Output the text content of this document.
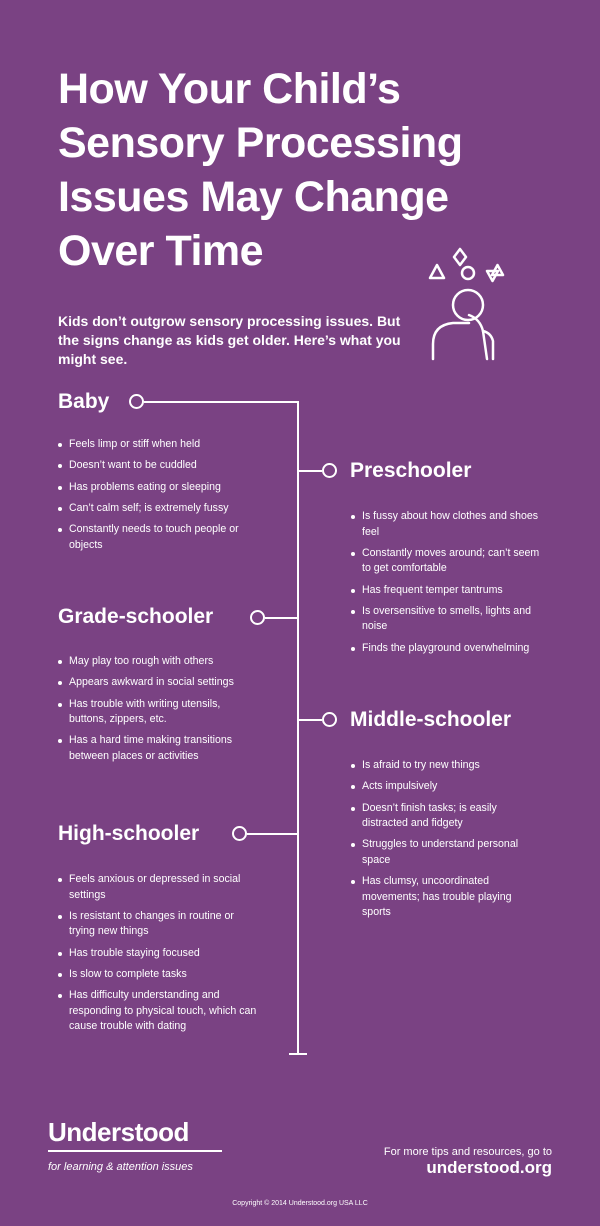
How Your Child’s
Sensory Processing
Issues May Change
Over Time

Kids don’t outgrow sensory processing issues. But the signs change as kids get older. Here’s what you might see.

Baby
Feels limp or stiff when held
Doesn’t want to be cuddled
Has problems eating or sleeping
Can’t calm self; is extremely fussy
Constantly needs to touch people or objects
Preschooler
Is fussy about how clothes and shoes feel
Constantly moves around; can’t seem to get comfortable
Has frequent temper tantrums
Is oversensitive to smells, lights and noise
Finds the playground overwhelming
Grade-schooler
May play too rough with others
Appears awkward in social settings
Has trouble with writing utensils, buttons, zippers, etc.
Has a hard time making transitions between places or activities
Middle-schooler
Is afraid to try new things
Acts impulsively
Doesn’t finish tasks; is easily distracted and fidgety
Struggles to understand personal space
Has clumsy, uncoordinated movements; has trouble playing sports
High-schooler
Feels anxious or depressed in social settings
Is resistant to changes in routine or trying new things
Has trouble staying focused
Is slow to complete tasks
Has difficulty understanding and responding to physical touch, which can cause trouble with dating
Understood
for learning & attention issues
For more tips and resources, go to
understood.org
Copyright © 2014 Understood.org USA LLC
